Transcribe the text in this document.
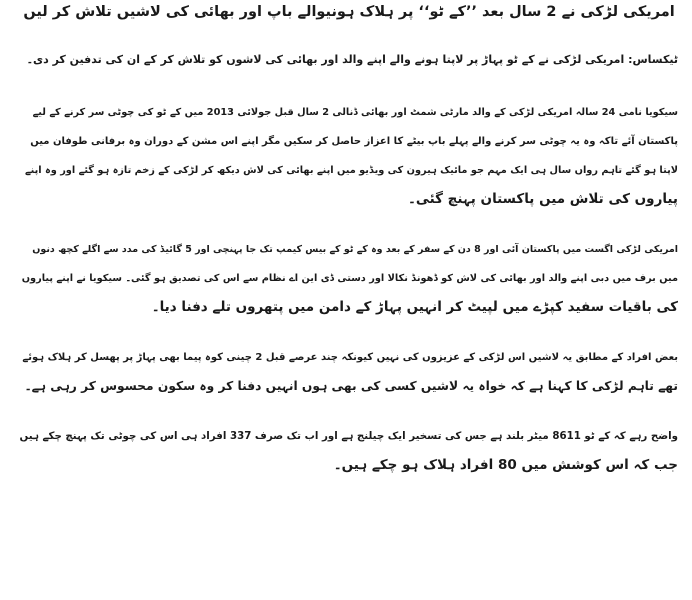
امریکی لڑکی نے 2 سال بعد ’’کے ٹو‘‘ پر ہلاک ہونیوالے باپ اور بھائی کی لاشیں تلاش کر لیں

ٹیکساس: امریکی لڑکی نے کے ٹو پہاڑ پر لاپتا ہونے والے اپنے والد اور بھائی کی لاشوں کو تلاش کر کے ان کی تدفین کر دی۔

سیکویا نامی 24 سالہ امریکی لڑکی کے والد مارٹی شمٹ اور بھائی ڈنالی 2 سال قبل جولائی 2013 میں کے ٹو کی چوٹی سر کرنے کے لیے
پاکستان آئے تاکہ وہ یہ چوٹی سر کرنے والے پہلے باپ بیٹے کا اعزاز حاصل کر سکیں مگر اپنے اس مشن کے دوران وہ برفانی طوفان میں
لاپتا ہو گئے تاہم رواں سال ہی ایک مہم جو مائیک ہیرون کی ویڈیو میں اپنے بھائی کی لاش دیکھ کر لڑکی کے زخم تازہ ہو گئے اور وہ اپنے
پیاروں کی تلاش میں پاکستان پہنچ گئی۔

امریکی لڑکی اگست میں پاکستان آئی اور 8 دن کے سفر کے بعد وہ کے ٹو کے بیس کیمپ تک جا پہنچی اور 5 گائیڈ کی مدد سے اگلے کچھ دنوں
میں برف میں دبی اپنے والد اور بھائی کی لاش کو ڈھونڈ نکالا اور دستی ڈی این اے نظام سے اس کی تصدیق ہو گئی۔ سیکویا نے اپنے پیاروں
کی باقیات سفید کپڑے میں لپیٹ کر انہیں پہاڑ کے دامن میں پتھروں تلے دفنا دیا۔

بعض افراد کے مطابق یہ لاشیں اس لڑکی کے عزیزوں کی نہیں کیونکہ چند عرصے قبل 2 چینی کوہ پیما بھی پہاڑ پر پھسل کر ہلاک ہوئے
تھے تاہم لڑکی کا کہنا ہے کہ خواہ یہ لاشیں کسی کی بھی ہوں انہیں دفنا کر وہ سکون محسوس کر رہی ہے۔

واضح رہے کہ کے ٹو 8611 میٹر بلند ہے جس کی تسخیر ایک چیلنج ہے اور اب تک صرف 337 افراد ہی اس کی چوٹی تک پہنچ چکے ہیں
جب کہ اس کوشش میں 80 افراد ہلاک ہو چکے ہیں۔
